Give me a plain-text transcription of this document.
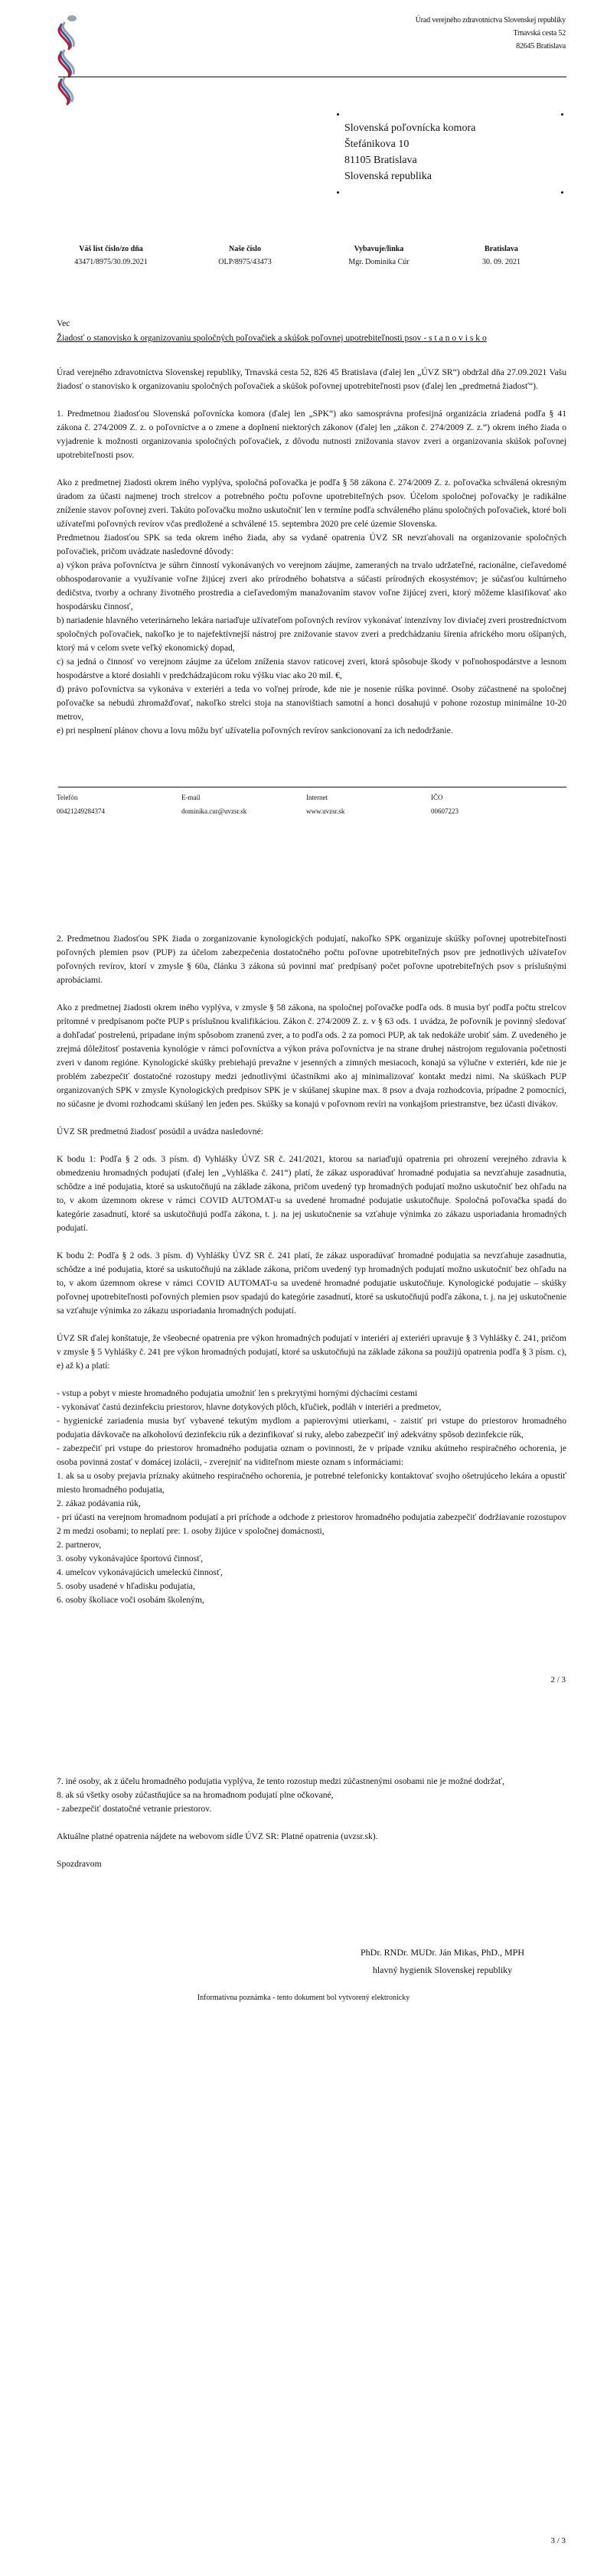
Úrad verejného zdravotníctva Slovenskej republiky
Trnavská cesta 52
82645 Bratislava
Slovenská poľovnícka komora
Štefánikova 10
81105 Bratislava
Slovenská republika
Váš list číslo/zo dňa
43471/8975/30.09.2021
Naše číslo
OLP/8975/43473
Vybavuje/linka
Mgr. Dominika Cúr
Bratislava
30. 09. 2021
Vec
Žiadosť o stanovisko k organizovaniu spoločných poľovačiek a skúšok poľovnej upotrebiteľnosti psov - s t a n o v i s k o

Úrad verejného zdravotníctva Slovenskej republiky, Trnavská cesta 52, 826 45 Bratislava (ďalej len „ÚVZ SR“) obdržal dňa 27.09.2021 Vašu žiadosť o stanovisko k organizovaniu spoločných poľovačiek a skúšok poľovnej upotrebiteľnosti psov (ďalej len „predmetná žiadosť“).

1. Predmetnou žiadosťou Slovenská poľovnícka komora (ďalej len „SPK“) ako samosprávna profesijná organizácia zriadená podľa § 41 zákona č. 274/2009 Z. z. o poľovníctve a o zmene a doplnení niektorých zákonov (ďalej len „zákon č. 274/2009 Z. z.“) okrem iného žiada o vyjadrenie k možnosti organizovania spoločných poľovačiek, z dôvodu nutnosti znižovania stavov zveri a organizovania skúšok poľovnej upotrebiteľnosti psov.

Ako z predmetnej žiadosti okrem iného vyplýva, spoločná poľovačka je podľa § 58 zákona č. 274/2009 Z. z. poľovačka schválená okresným úradom za účasti najmenej troch strelcov a potrebného počtu poľovne upotrebiteľných psov. Účelom spoločnej poľovačky je radikálne zníženie stavov poľovnej zveri. Takúto poľovačku možno uskutočniť len v termíne podľa schváleného plánu spoločných poľovačiek, ktoré boli užívateľmi poľovných revírov včas predložené a schválené 15. septembra 2020 pre celé územie Slovenska.

Predmetnou žiadosťou SPK sa teda okrem iného žiada, aby sa vydané opatrenia ÚVZ SR nevzťahovali na organizovanie spoločných poľovačiek, pričom uvádzate nasledovné dôvody:

a) výkon práva poľovníctva je súhrn činností vykonávaných vo verejnom záujme, zameraných na trvalo udržateľné, racionálne, cieľavedomé obhospodarovanie a využívanie voľne žijúcej zveri ako prírodného bohatstva a súčasti prírodných ekosystémov; je súčasťou kultúrneho dedičstva, tvorby a ochrany životného prostredia a cieľavedomým manažovaním stavov voľne žijúcej zveri, ktorý môžeme klasifikovať ako hospodársku činnosť,

b) nariadenie hlavného veterinárneho lekára nariaďuje užívateľom poľovných revírov vykonávať intenzívny lov diviačej zveri prostredníctvom spoločných poľovačiek, nakoľko je to najefektívnejší nástroj pre znižovanie stavov zveri a predchádzaniu šírenia afrického moru ošípaných, ktorý má v celom svete veľký ekonomický dopad,

c) sa jedná o činnosť vo verejnom záujme za účelom zníženia stavov raticovej zveri, ktorá spôsobuje škody v poľnohospodárstve a lesnom hospodárstve a ktoré dosiahli v predchádzajúcom roku výšku viac ako 20 mil. €,

d) právo poľovníctva sa vykonáva v exteriéri a teda vo voľnej prírode, kde nie je nosenie rúška povinné. Osoby zúčastnené na spoločnej poľovačke sa nebudú zhromažďovať, nakoľko strelci stoja na stanovištiach samotní a honci dosahujú v pohone rozostup minimálne 10-20 metrov,

e) pri nesplnení plánov chovu a lovu môžu byť užívatelia poľovných revírov sankcionovaní za ich nedodržanie.

Telefón
00421249284374
E-mail
dominika.cur@uvzsr.sk
Internet
www.uvzsr.sk
IČO
00607223

2. Predmetnou žiadosťou SPK žiada o zorganizovanie kynologických podujatí, nakoľko SPK organizuje skúšky poľovnej upotrebiteľnosti poľovných plemien psov (PUP) za účelom zabezpečenia dostatočného počtu poľovne upotrebiteľných psov pre jednotlivých užívateľov poľovných revírov, ktorí v zmysle § 60a, článku 3 zákona sú povinní mať predpísaný počet poľovne upotrebiteľných psov s príslušnými aprobáciami.

Ako z predmetnej žiadosti okrem iného vyplýva, v zmysle § 58 zákona, na spoločnej poľovačke podľa ods. 8 musia byť podľa počtu strelcov prítomné v predpísanom počte PUP s príslušnou kvalifikáciou. Zákon č. 274/2009 Z. z. v § 63 ods. 1 uvádza, že poľovník je povinný sledovať a dohľadať postrelenú, pripadane iným spôsobom zranenú zver, a to podľa ods. 2 za pomoci PUP, ak tak nedokáže urobiť sám. Z uvedeného je zrejmá dôležitosť postavenia kynológie v rámci poľovníctva a výkon práva poľovníctva je na strane druhej nástrojom regulovania početnosti zveri v danom regióne. Kynologické skúšky prebiehajú prevažne v jesenných a zimných mesiacoch, konajú sa výlučne v exteriéri, kde nie je problém zabezpečiť dostatočné rozostupy medzi jednotlivými účastníkmi ako aj minimalizovať kontakt medzi nimi. Na skúškach PUP organizovaných SPK v zmysle Kynologických predpisov SPK je v skúšanej skupine max. 8 psov a dvaja rozhodcovia, prípadne 2 pomocníci, no súčasne je dvomi rozhodcami skúšaný len jeden pes. Skúšky sa konajú v poľovnom revíri na vonkajšom priestranstve, bez účasti divákov.

ÚVZ SR predmetnú žiadosť posúdil a uvádza nasledovné:

K bodu 1: Podľa § 2 ods. 3 písm. d) Vyhlášky ÚVZ SR č. 241/2021, ktorou sa nariaďujú opatrenia pri ohrození verejného zdravia k obmedzeniu hromadných podujatí (ďalej len „Vyhláška č. 241“) platí, že zákaz usporadúvať hromadné podujatia sa nevzťahuje zasadnutia, schôdze a iné podujatia, ktoré sa uskutočňujú na základe zákona, pričom uvedený typ hromadných podujatí možno uskutočniť bez ohľadu na to, v akom územnom okrese v rámci COVID AUTOMAT-u sa uvedené hromadné podujatie uskutočňuje. Spoločná poľovačka spadá do kategórie zasadnutí, ktoré sa uskutočňujú podľa zákona, t. j. na jej uskutočnenie sa vzťahuje výnimka zo zákazu usporiadania hromadných podujatí.

K bodu 2: Podľa § 2 ods. 3 písm. d) Vyhlášky ÚVZ SR č. 241 platí, že zákaz usporadúvať hromadné podujatia sa nevzťahuje zasadnutia, schôdze a iné podujatia, ktoré sa uskutočňujú na základe zákona, pričom uvedený typ hromadných podujatí možno uskutočniť bez ohľadu na to, v akom územnom okrese v rámci COVID AUTOMAT-u sa uvedené hromadné podujatie uskutočňuje. Kynologické podujatie – skúšky poľovnej upotrebiteľnosti poľovných plemien psov spadajú do kategórie zasadnutí, ktoré sa uskutočňujú podľa zákona, t. j. na jej uskutočnenie sa vzťahuje výnimka zo zákazu usporiadania hromadných podujatí.

ÚVZ SR ďalej konštatuje, že všeobecné opatrenia pre výkon hromadných podujatí v interiéri aj exteriéri upravuje § 3 Vyhlášky č. 241, pričom v zmysle § 5 Vyhlášky č. 241 pre výkon hromadných podujatí, ktoré sa uskutočňujú na základe zákona sa použijú opatrenia podľa § 3 písm. c), e) až k) a platí:

- vstup a pobyt v mieste hromadného podujatia umožniť len s prekrytými hornými dýchacími cestami

- vykonávať častú dezinfekciu priestorov, hlavne dotykových plôch, kľučiek, podláh v interiéri a predmetov,

- hygienické zariadenia musia byť vybavené tekutým mydlom a papierovými utierkami, - zaistiť pri vstupe do priestorov hromadného podujatia dávkovače na alkoholovú dezinfekciu rúk a dezinfikovať si ruky, alebo zabezpečiť iný adekvátny spôsob dezinfekcie rúk,

- zabezpečiť pri vstupe do priestorov hromadného podujatia oznam o povinnosti, že v prípade vzniku akútneho respiračného ochorenia, je osoba povinná zostať v domácej izolácii, - zverejniť na viditeľnom mieste oznam s informáciami:

1. ak sa u osoby prejavia príznaky akútneho respiračného ochorenia, je potrebné telefonicky kontaktovať svojho ošetrujúceho lekára a opustiť miesto hromadného podujatia,

2. zákaz podávania rúk,

- pri účasti na verejnom hromadnom podujatí a pri príchode a odchode z priestorov hromadného podujatia zabezpečiť dodržiavanie rozostupov 2 m medzi osobami; to neplatí pre: 1. osoby žijúce v spoločnej domácnosti,

2. partnerov,

3. osoby vykonávajúce športovú činnosť,

4. umelcov vykonávajúcich umeleckú činnosť,

5. osoby usadené v hľadisku podujatia,

6. osoby školiace voči osobám školeným,

2 / 3

7. iné osoby, ak z účelu hromadného podujatia vyplýva, že tento rozostup medzi zúčastnenými osobami nie je možné dodržať,

8. ak sú všetky osoby zúčastňujúce sa na hromadnom podujatí plne očkované,

- zabezpečiť dostatočné vetranie priestorov.

Aktuálne platné opatrenia nájdete na webovom sídle ÚVZ SR: Platné opatrenia (uvzsr.sk).

Spozdravom

PhDr. RNDr. MUDr. Ján Mikas, PhD., MPH
hlavný hygienik Slovenskej republiky
Informatívna poznámka - tento dokument bol vytvorený elektronicky
3 / 3
